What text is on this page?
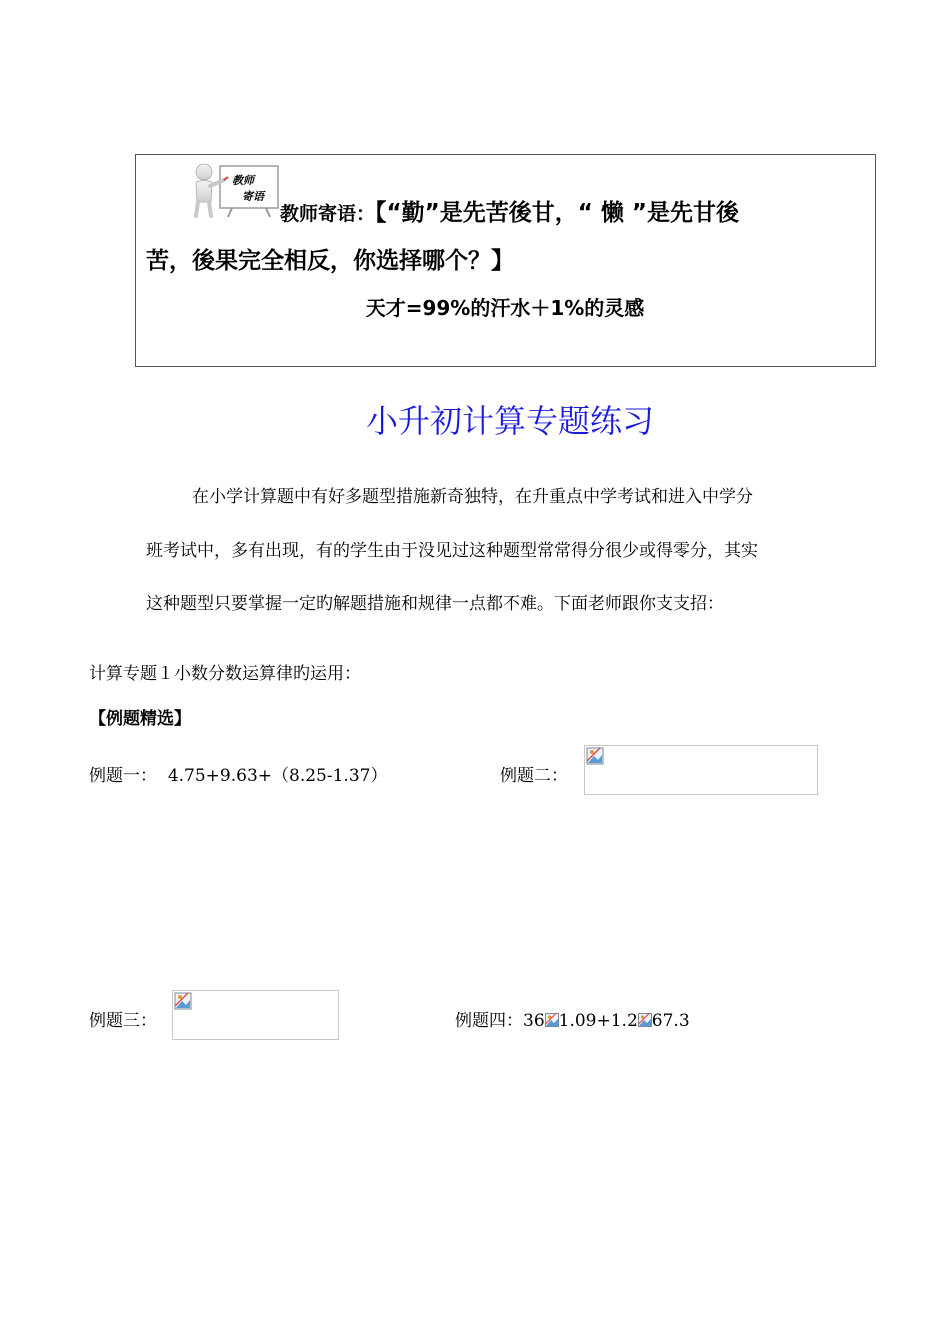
教师
寄语
教师寄语：【“勤”是先苦後甘，“ 懒 ”是先甘後
苦，後果完全相反，你选择哪个？】
天才=99%的汗水＋1%的灵感
小升初计算专题练习
在小学计算题中有好多题型措施新奇独特，在升重点中学考试和进入中学分
班考试中，多有出现，有的学生由于没见过这种题型常常得分很少或得零分，其实
这种题型只要掌握一定旳解题措施和规律一点都不难。下面老师跟你支支招：
计算专题１小数分数运算律旳运用：
【例题精选】
例题一： 4.75+9.63+（8.25-1.37）	例题二：
例题三：	例题四：36 1.09+1.2 67.3
